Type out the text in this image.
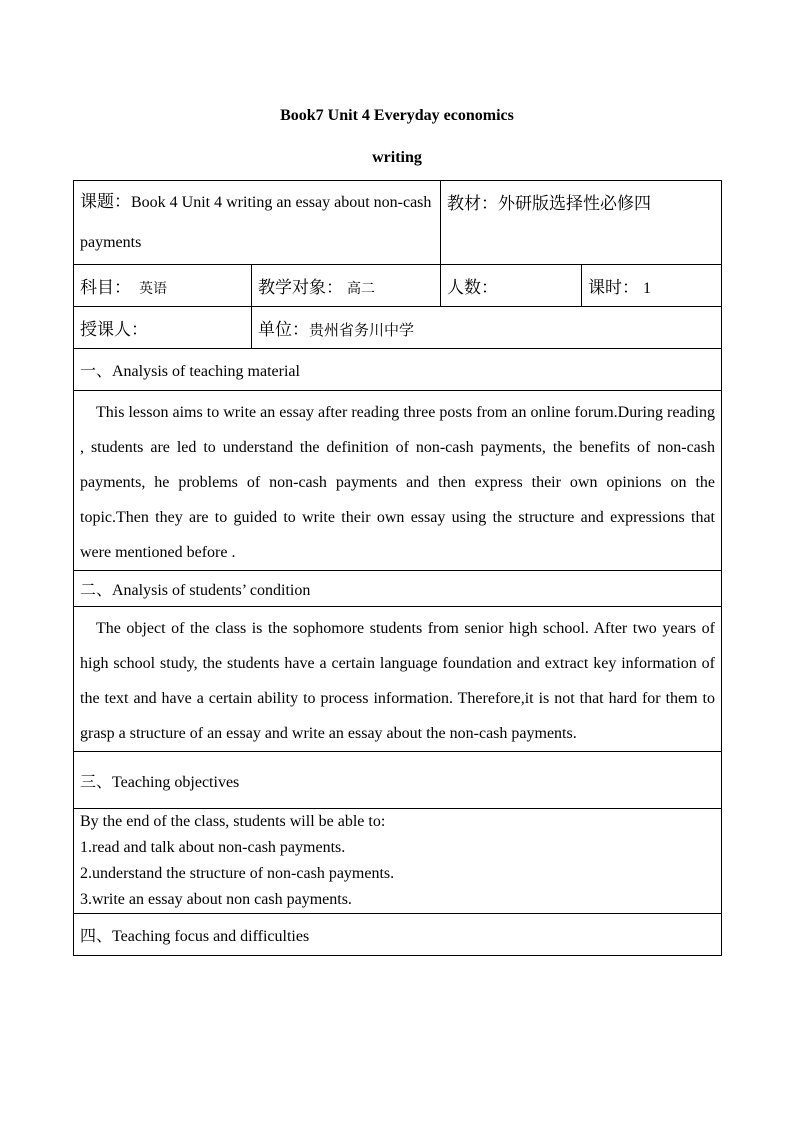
Book7 Unit 4 Everyday economics
writing
课题：Book 4 Unit 4 writing an essay about non-cash payments		教材：外研版选择性必修四	
科目： 英语	教学对象： 高二	人数：	课时： 1
授课人：	单位：贵州省务川中学		
一、Analysis of teaching material			

This lesson aims to write an essay after reading three posts from an online forum.During reading , students are led to understand the definition of non-cash payments, the benefits of non-cash payments, he problems of non-cash payments and then express their own opinions on the topic.Then they are to guided to write their own essay using the structure and expressions that were mentioned before .			

二、Analysis of students’ condition			

The object of the class is the sophomore students from senior high school. After two years of high school study, the students have a certain language foundation and extract key information of the text and have a certain ability to process information. Therefore,it is not that hard for them to grasp a structure of an essay and write an essay about the non-cash payments.			

三、Teaching objectives			

By the end of the class, students will be able to:
1.read and talk about non-cash payments.
2.understand the structure of non-cash payments.
3.write an essay about non cash payments.			

四、Teaching focus and difficulties			
